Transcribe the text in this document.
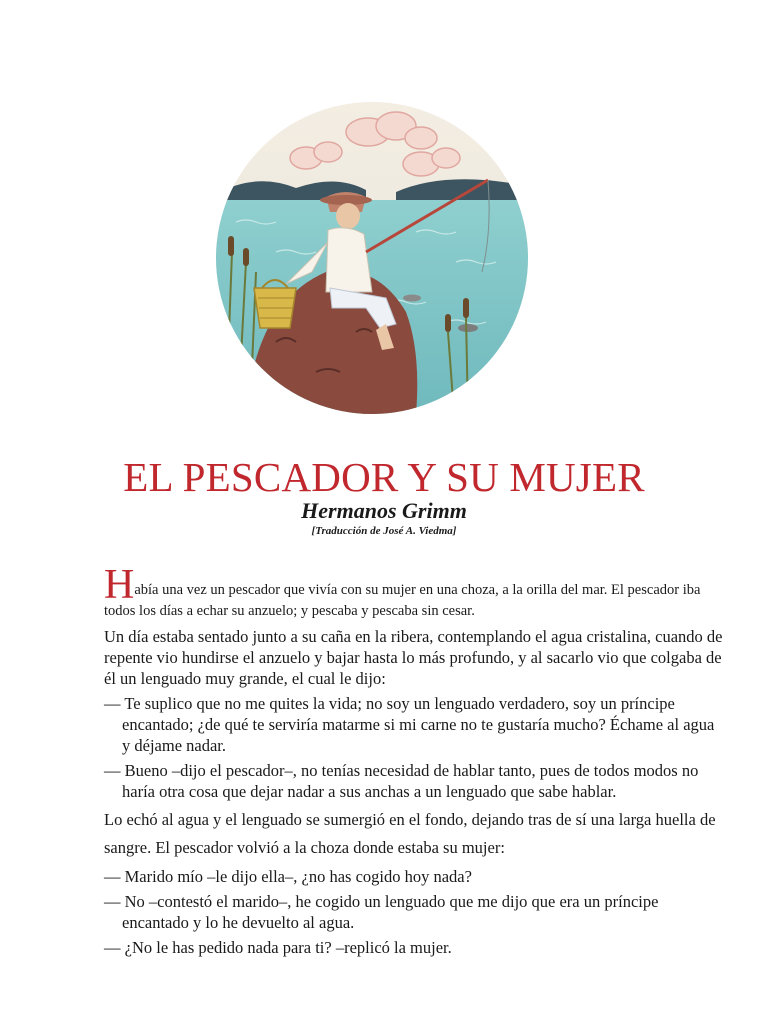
EL PESCADOR Y SU MUJER
Hermanos Grimm
[Traducción de José A. Viedma]

Había una vez un pescador que vivía con su mujer en una choza, a la orilla del mar. El pescador iba todos los días a echar su anzuelo; y pescaba y pescaba sin cesar.

Un día estaba sentado junto a su caña en la ribera, contemplando el agua cristalina, cuando de repente vio hundirse el anzuelo y bajar hasta lo más profundo, y al sacarlo vio que colgaba de él un lenguado muy grande, el cual le dijo:

— Te suplico que no me quites la vida; no soy un lenguado verdadero, soy un príncipe encantado; ¿de qué te serviría matarme si mi carne no te gustaría mucho? Échame al agua y déjame nadar.

— Bueno –dijo el pescador–, no tenías necesidad de hablar tanto, pues de todos modos no haría otra cosa que dejar nadar a sus anchas a un lenguado que sabe hablar.

Lo echó al agua y el lenguado se sumergió en el fondo, dejando tras de sí una larga huella de sangre. El pescador volvió a la choza donde estaba su mujer:

— Marido mío –le dijo ella–, ¿no has cogido hoy nada?

— No –contestó el marido–, he cogido un lenguado que me dijo que era un príncipe encantado y lo he devuelto al agua.

— ¿No le has pedido nada para ti? –replicó la mujer.
